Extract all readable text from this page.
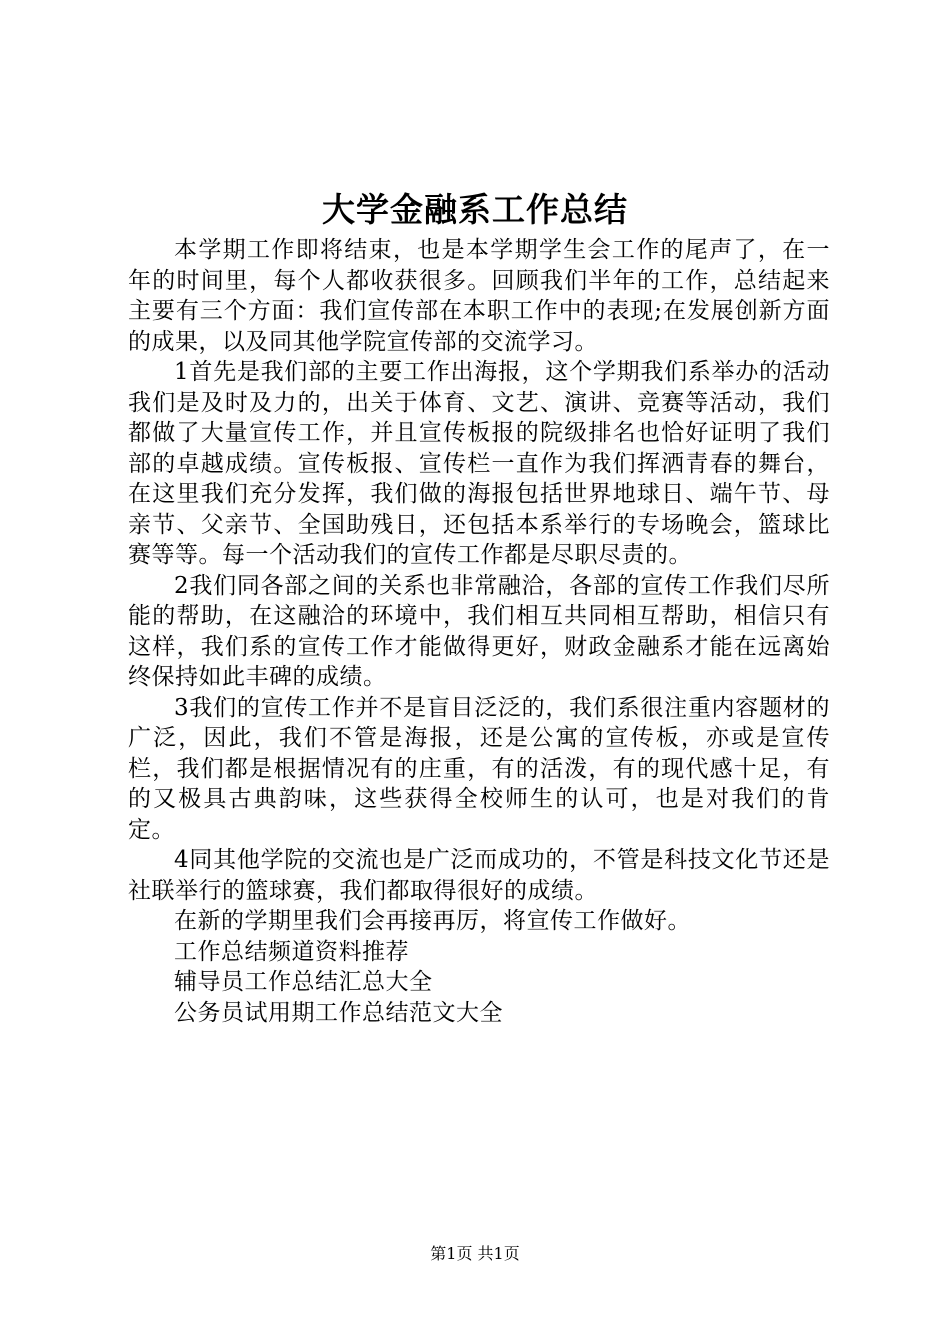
大学金融系工作总结

本学期工作即将结束，也是本学期学生会工作的尾声了，在一年的时间里，每个人都收获很多。回顾我们半年的工作，总结起来主要有三个方面：我们宣传部在本职工作中的表现;在发展创新方面的成果，以及同其他学院宣传部的交流学习。

1首先是我们部的主要工作出海报，这个学期我们系举办的活动我们是及时及力的，出关于体育、文艺、演讲、竞赛等活动，我们都做了大量宣传工作，并且宣传板报的院级排名也恰好证明了我们部的卓越成绩。宣传板报、宣传栏一直作为我们挥洒青春的舞台，在这里我们充分发挥，我们做的海报包括世界地球日、端午节、母亲节、父亲节、全国助残日，还包括本系举行的专场晚会，篮球比赛等等。每一个活动我们的宣传工作都是尽职尽责的。

2我们同各部之间的关系也非常融洽，各部的宣传工作我们尽所能的帮助，在这融洽的环境中，我们相互共同相互帮助，相信只有这样，我们系的宣传工作才能做得更好，财政金融系才能在远离始终保持如此丰碑的成绩。

3我们的宣传工作并不是盲目泛泛的，我们系很注重内容题材的广泛，因此，我们不管是海报，还是公寓的宣传板，亦或是宣传栏，我们都是根据情况有的庄重，有的活泼，有的现代感十足，有的又极具古典韵味，这些获得全校师生的认可，也是对我们的肯定。

4同其他学院的交流也是广泛而成功的，不管是科技文化节还是社联举行的篮球赛，我们都取得很好的成绩。

在新的学期里我们会再接再厉，将宣传工作做好。

工作总结频道资料推荐

辅导员工作总结汇总大全

公务员试用期工作总结范文大全

第1页 共1页
